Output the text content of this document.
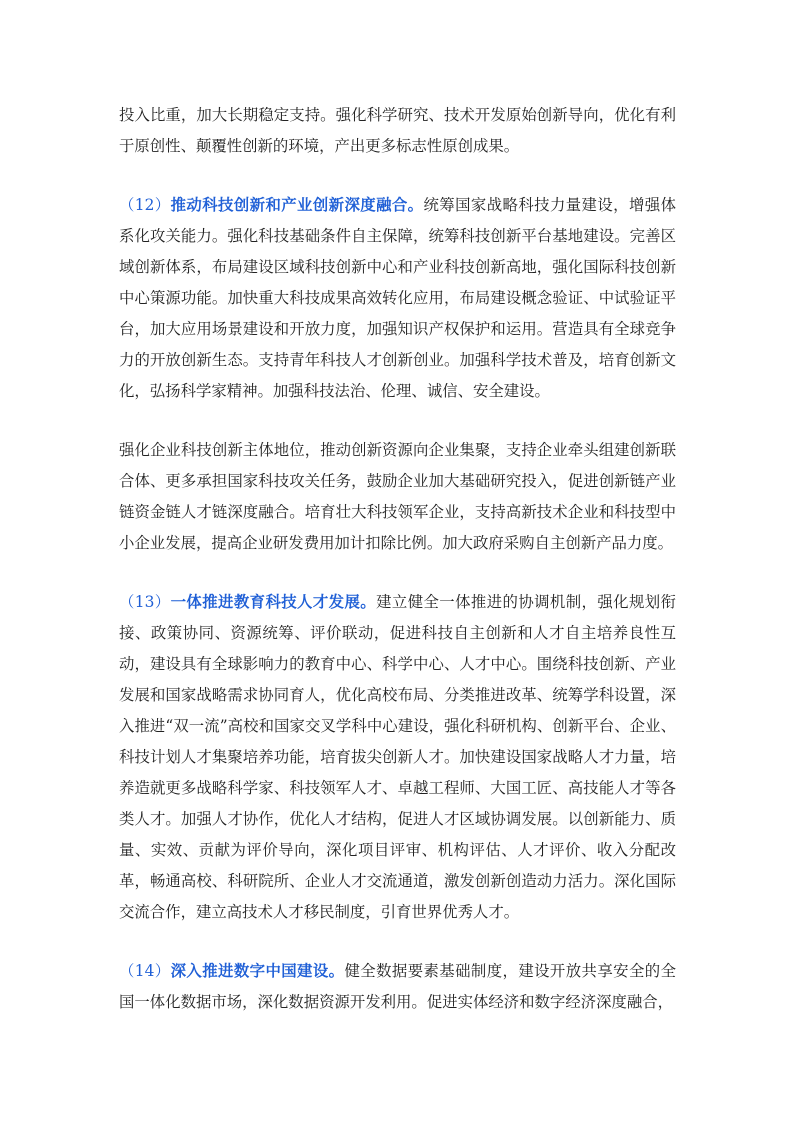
投入比重，加大长期稳定支持。强化科学研究、技术开发原始创新导向，优化有利于原创性、颠覆性创新的环境，产出更多标志性原创成果。

（12）推动科技创新和产业创新深度融合。统筹国家战略科技力量建设，增强体系化攻关能力。强化科技基础条件自主保障，统筹科技创新平台基地建设。完善区域创新体系，布局建设区域科技创新中心和产业科技创新高地，强化国际科技创新中心策源功能。加快重大科技成果高效转化应用，布局建设概念验证、中试验证平台，加大应用场景建设和开放力度，加强知识产权保护和运用。营造具有全球竞争力的开放创新生态。支持青年科技人才创新创业。加强科学技术普及，培育创新文化，弘扬科学家精神。加强科技法治、伦理、诚信、安全建设。

强化企业科技创新主体地位，推动创新资源向企业集聚，支持企业牵头组建创新联合体、更多承担国家科技攻关任务，鼓励企业加大基础研究投入，促进创新链产业链资金链人才链深度融合。培育壮大科技领军企业，支持高新技术企业和科技型中小企业发展，提高企业研发费用加计扣除比例。加大政府采购自主创新产品力度。

（13）一体推进教育科技人才发展。建立健全一体推进的协调机制，强化规划衔接、政策协同、资源统筹、评价联动，促进科技自主创新和人才自主培养良性互动，建设具有全球影响力的教育中心、科学中心、人才中心。围绕科技创新、产业发展和国家战略需求协同育人，优化高校布局、分类推进改革、统筹学科设置，深入推进“双一流”高校和国家交叉学科中心建设，强化科研机构、创新平台、企业、科技计划人才集聚培养功能，培育拔尖创新人才。加快建设国家战略人才力量，培养造就更多战略科学家、科技领军人才、卓越工程师、大国工匠、高技能人才等各类人才。加强人才协作，优化人才结构，促进人才区域协调发展。以创新能力、质量、实效、贡献为评价导向，深化项目评审、机构评估、人才评价、收入分配改革，畅通高校、科研院所、企业人才交流通道，激发创新创造动力活力。深化国际交流合作，建立高技术人才移民制度，引育世界优秀人才。

（14）深入推进数字中国建设。健全数据要素基础制度，建设开放共享安全的全国一体化数据市场，深化数据资源开发利用。促进实体经济和数字经济深度融合，
